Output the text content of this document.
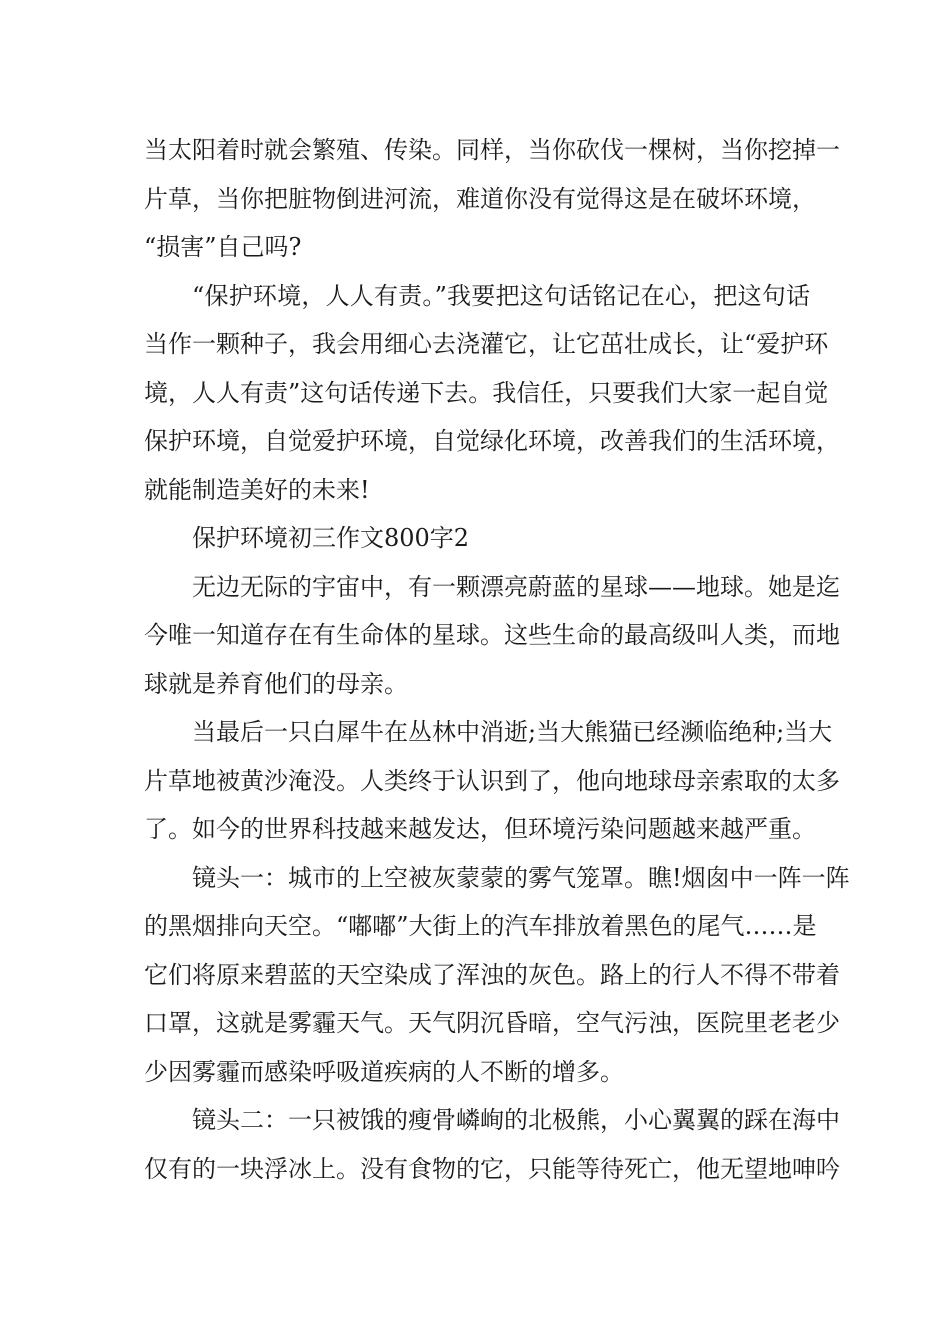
当太阳着时就会繁殖、传染。同样，当你砍伐一棵树，当你挖掉一
片草，当你把脏物倒进河流，难道你没有觉得这是在破坏环境，
“损害”自己吗?
“保护环境，人人有责。”我要把这句话铭记在心，把这句话
当作一颗种子，我会用细心去浇灌它，让它茁壮成长，让“爱护环
境，人人有责”这句话传递下去。我信任，只要我们大家一起自觉
保护环境，自觉爱护环境，自觉绿化环境，改善我们的生活环境，
就能制造美好的未来!
保护环境初三作文800字2
无边无际的宇宙中，有一颗漂亮蔚蓝的星球——地球。她是迄
今唯一知道存在有生命体的星球。这些生命的最高级叫人类，而地
球就是养育他们的母亲。
当最后一只白犀牛在丛林中消逝;当大熊猫已经濒临绝种;当大
片草地被黄沙淹没。人类终于认识到了，他向地球母亲索取的太多
了。如今的世界科技越来越发达，但环境污染问题越来越严重。
镜头一：城市的上空被灰蒙蒙的雾气笼罩。瞧!烟囱中一阵一阵
的黑烟排向天空。“嘟嘟”大街上的汽车排放着黑色的尾气……是
它们将原来碧蓝的天空染成了浑浊的灰色。路上的行人不得不带着
口罩，这就是雾霾天气。天气阴沉昏暗，空气污浊，医院里老老少
少因雾霾而感染呼吸道疾病的人不断的增多。
镜头二：一只被饿的瘦骨嶙峋的北极熊，小心翼翼的踩在海中
仅有的一块浮冰上。没有食物的它，只能等待死亡，他无望地呻吟
